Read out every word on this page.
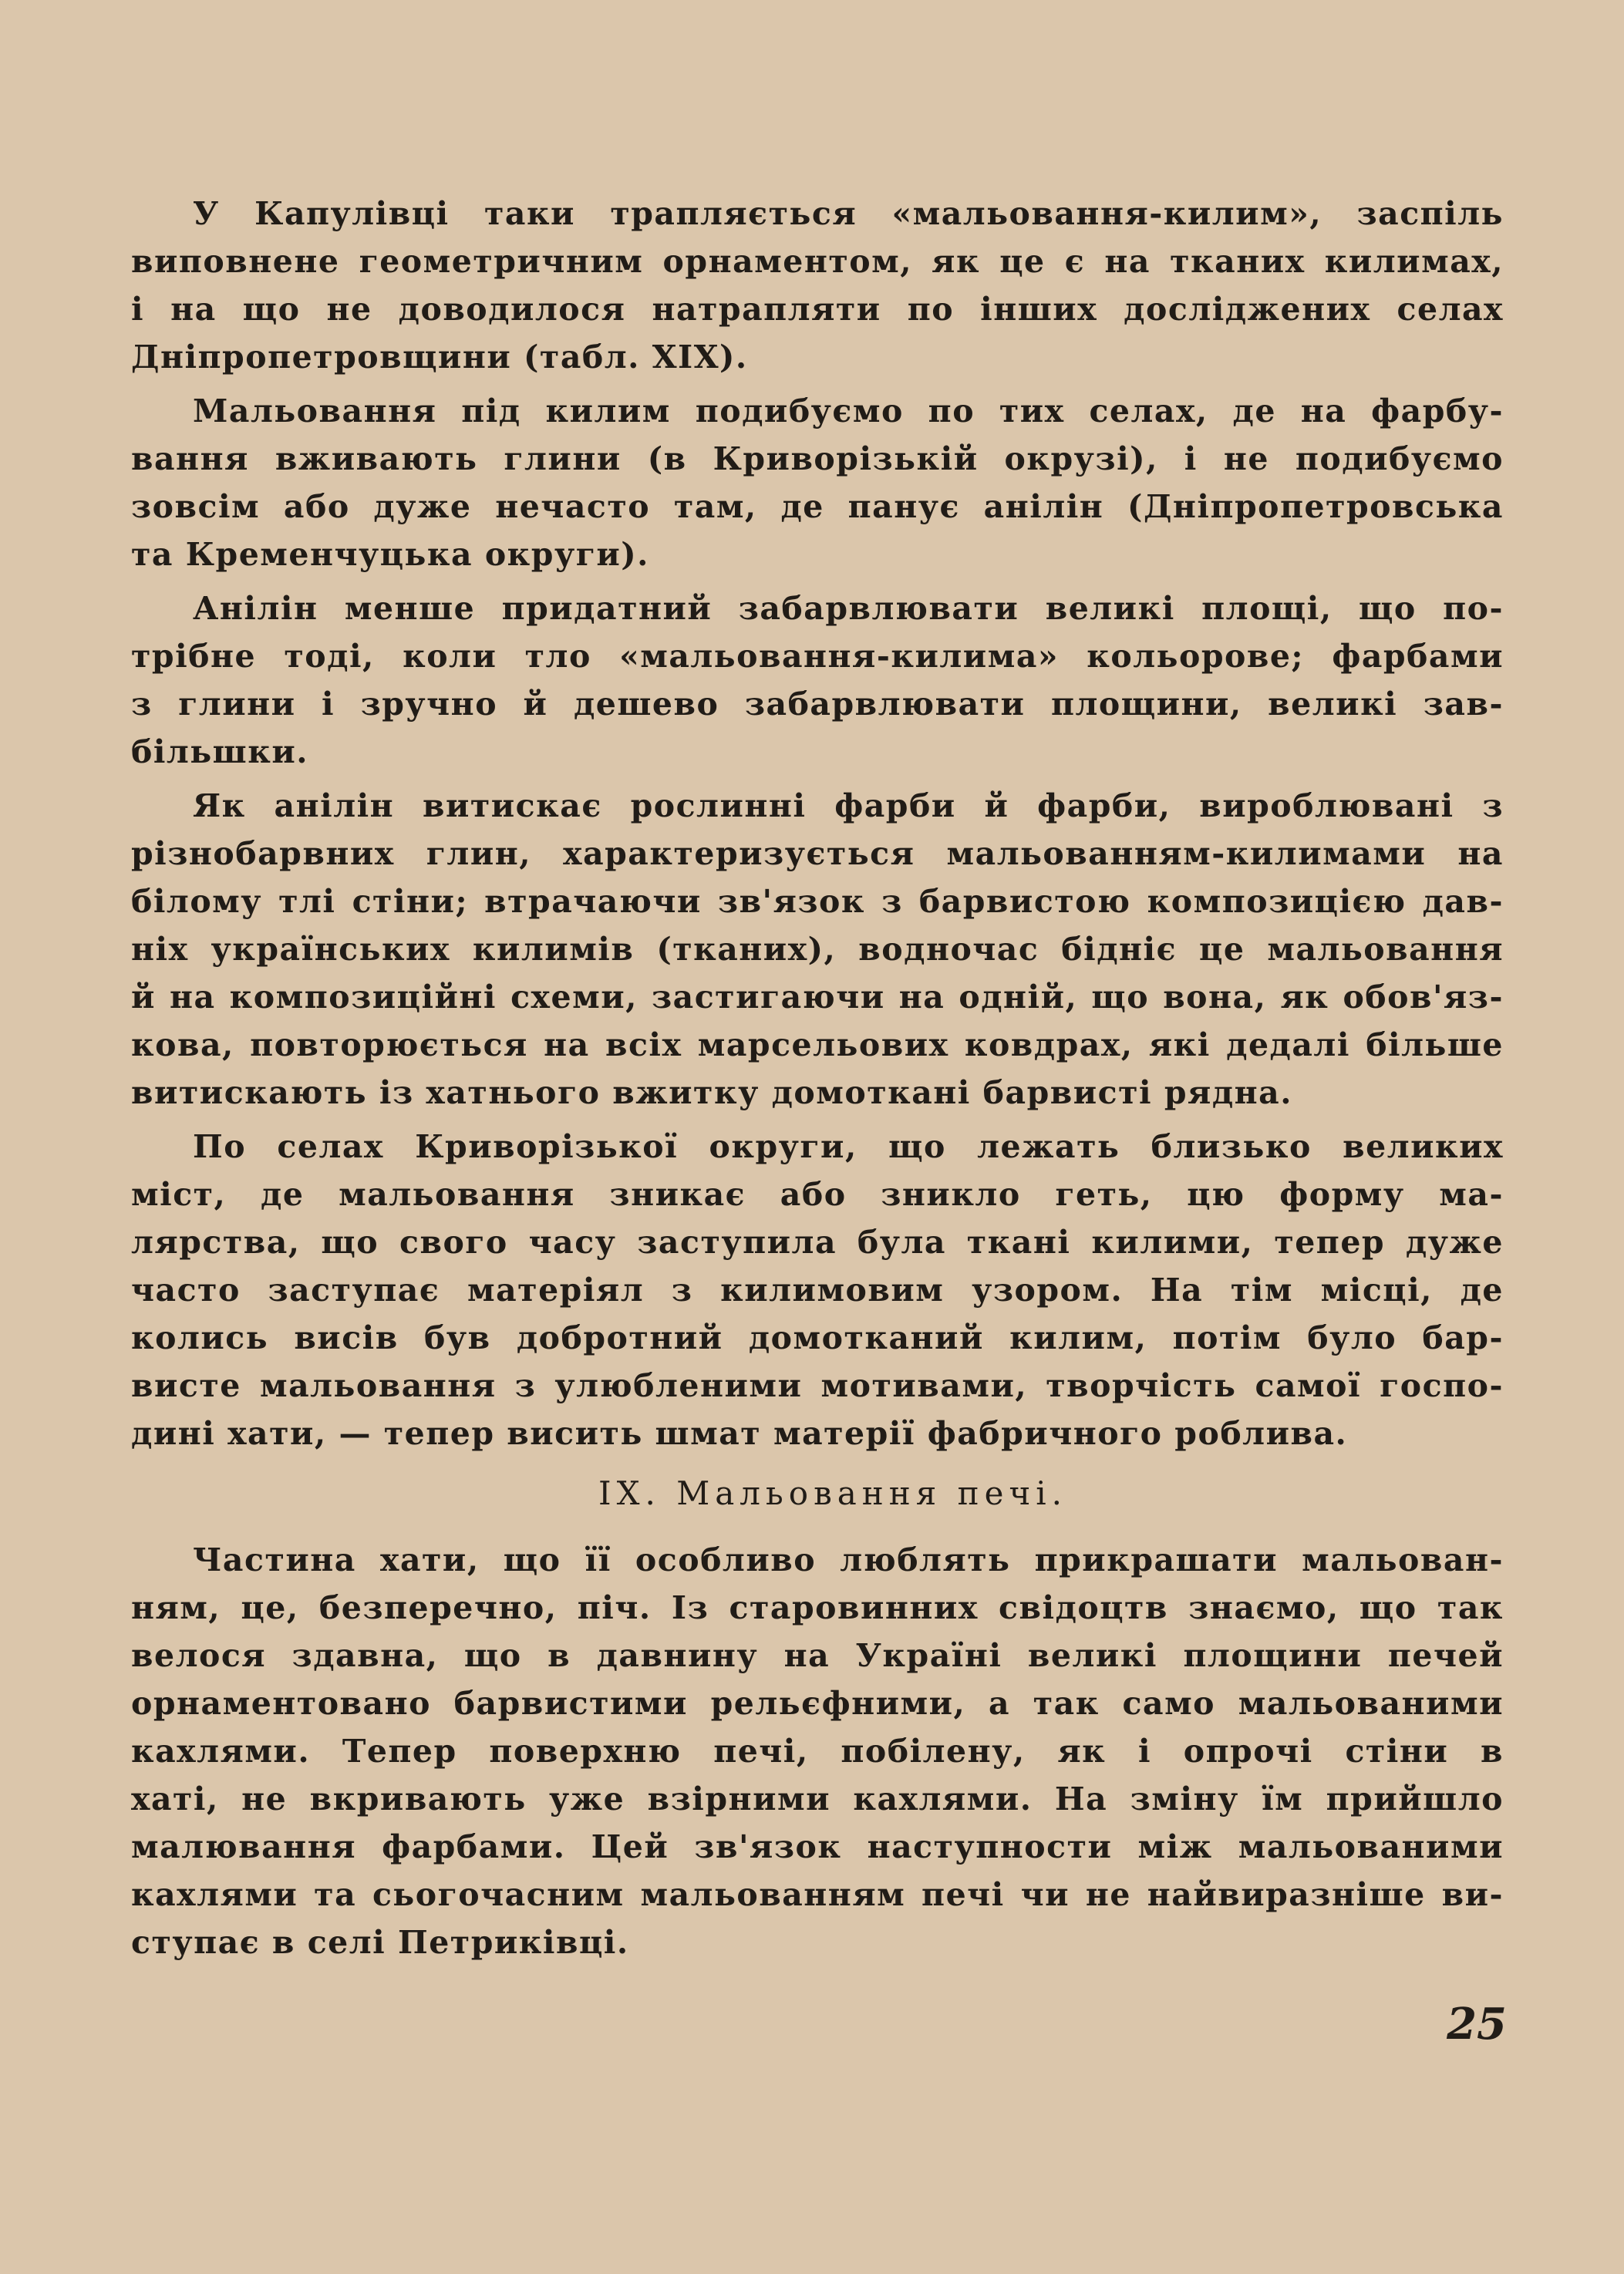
У Капулівці таки трапляється «мальовання-килим», заспіль
виповнене геометричним орнаментом, як це є на тканих килимах,
і на що не доводилося натрапляти по інших досліджених селах
Дніпропетровщини (табл. XIX).
Мальовання під килим подибуємо по тих селах, де на фарбу-
вання вживають глини (в Криворізькій окрузі), і не подибуємо
зовсім або дуже нечасто там, де панує анілін (Дніпропетровська
та Кременчуцька округи).
Анілін менше придатний забарвлювати великі площі, що по-
трібне тоді, коли тло «мальовання-килима» кольорове; фарбами
з глини і зручно й дешево забарвлювати площини, великі зав-
більшки.
Як анілін витискає рослинні фарби й фарби, вироблювані з
різнобарвних глин, характеризується мальованням-килимами на
білому тлі стіни; втрачаючи зв'язок з барвистою композицією дав-
ніх українських килимів (тканих), водночас біднiє це мальовання
й на композиційні схеми, застигаючи на одній, що вона, як обов'яз-
кова, повторюється на всіх марсельових ковдрах, які дедалі більше
витискають із хатнього вжитку домоткані барвисті рядна.
По селах Криворізької округи, що лежать близько великих
міст, де мальовання зникає або зникло геть, цю форму ма-
лярства, що свого часу заступила була ткані килими, тепер дуже
часто заступає матеріял з килимовим узором. На тім місці, де
колись висів був добротний домотканий килим, потім було бар-
висте мальовання з улюбленими мотивами, творчість самої госпо-
дині хати, — тепер висить шмат матерії фабричного роблива.
IX. Мальовання печі.
Частина хати, що її особливо люблять прикрашати мальован-
ням, це, безперечно, піч. Із старовинних свідоцтв знаємо, що так
велося здавна, що в давнину на Україні великі площини печей
орнаментовано барвистими рельєфними, а так само мальованими
кахлями. Тепер поверхню печі, побілену, як і опрочі стіни в
хаті, не вкривають уже взірними кахлями. На зміну їм прийшло
малювання фарбами. Цей зв'язок наступности між мальованими
кахлями та сьогочасним мальованням печі чи не найвиразніше ви-
ступає в селі Петриківці.
25
